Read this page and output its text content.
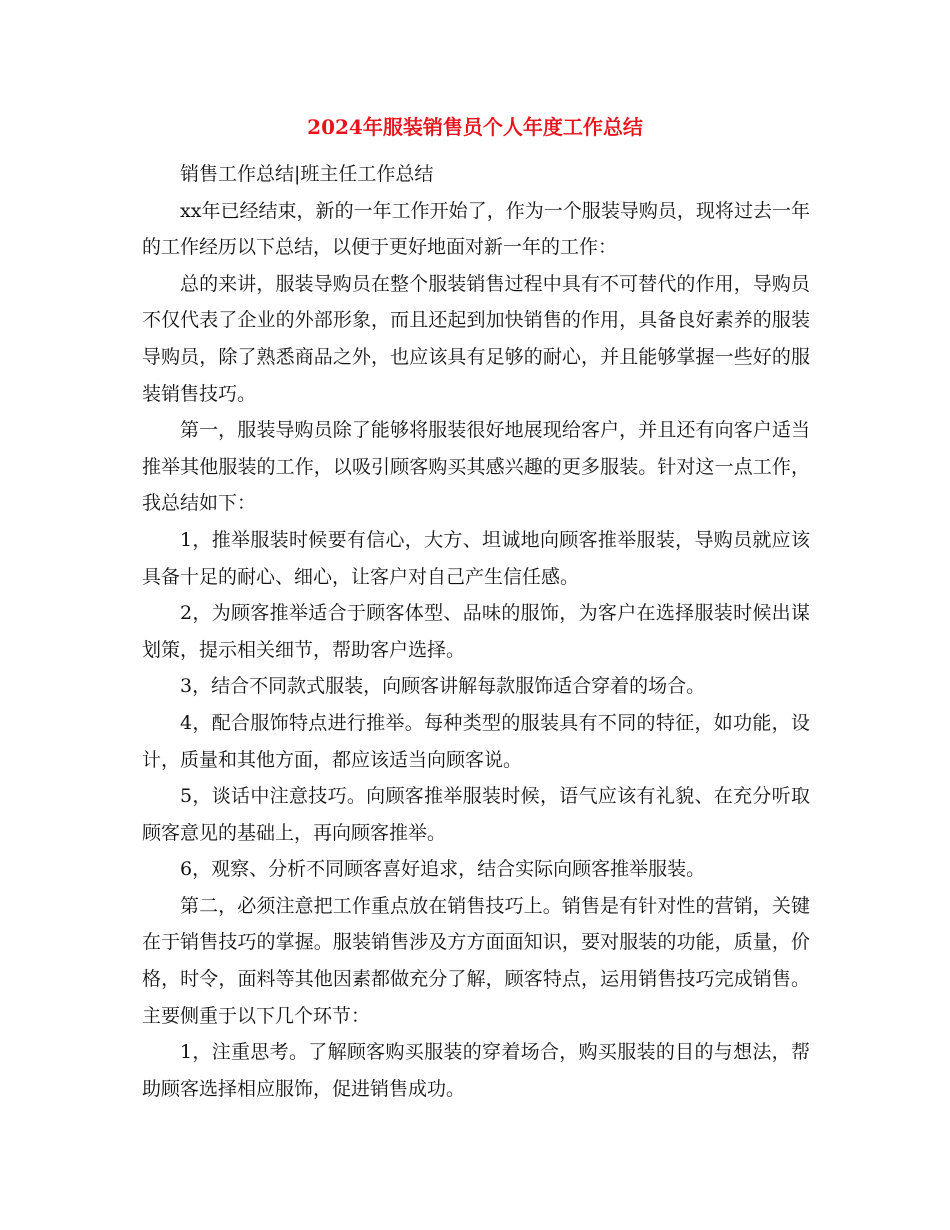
2024年服装销售员个人年度工作总结

销售工作总结|班主任工作总结

xx年已经结束，新的一年工作开始了，作为一个服装导购员，现将过去一年的工作经历以下总结，以便于更好地面对新一年的工作：

总的来讲，服装导购员在整个服装销售过程中具有不可替代的作用，导购员不仅代表了企业的外部形象，而且还起到加快销售的作用，具备良好素养的服装导购员，除了熟悉商品之外，也应该具有足够的耐心，并且能够掌握一些好的服装销售技巧。

第一，服装导购员除了能够将服装很好地展现给客户，并且还有向客户适当推举其他服装的工作，以吸引顾客购买其感兴趣的更多服装。针对这一点工作，我总结如下：

1，推举服装时候要有信心，大方、坦诚地向顾客推举服装，导购员就应该具备十足的耐心、细心，让客户对自己产生信任感。

2，为顾客推举适合于顾客体型、品味的服饰，为客户在选择服装时候出谋划策，提示相关细节，帮助客户选择。

3，结合不同款式服装，向顾客讲解每款服饰适合穿着的场合。

4，配合服饰特点进行推举。每种类型的服装具有不同的特征，如功能，设计，质量和其他方面，都应该适当向顾客说。

5，谈话中注意技巧。向顾客推举服装时候，语气应该有礼貌、在充分听取顾客意见的基础上，再向顾客推举。

6，观察、分析不同顾客喜好追求，结合实际向顾客推举服装。

第二，必须注意把工作重点放在销售技巧上。销售是有针对性的营销，关键在于销售技巧的掌握。服装销售涉及方方面面知识，要对服装的功能，质量，价格，时令，面料等其他因素都做充分了解，顾客特点，运用销售技巧完成销售。主要侧重于以下几个环节：

1，注重思考。了解顾客购买服装的穿着场合，购买服装的目的与想法，帮助顾客选择相应服饰，促进销售成功。
